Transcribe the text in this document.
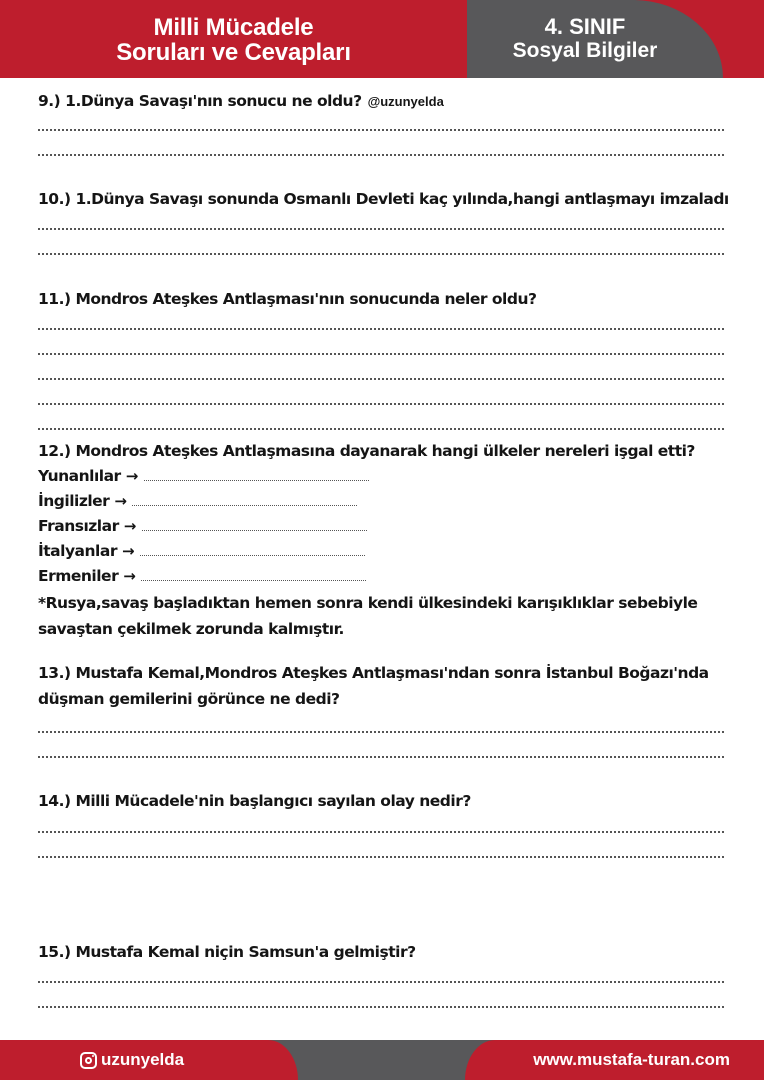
Milli Mücadele
Soruları ve Cevapları
4. SINIF
Sosyal Bilgiler
9.) 1.Dünya Savaşı'nın sonucu ne oldu? @uzunyelda
10.) 1.Dünya Savaşı sonunda Osmanlı Devleti kaç yılında,hangi antlaşmayı imzaladı
11.) Mondros Ateşkes Antlaşması'nın sonucunda neler oldu?
12.) Mondros Ateşkes Antlaşmasına dayanarak hangi ülkeler nereleri işgal etti?
Yunanlılar →
İngilizler →
Fransızlar →
İtalyanlar →
Ermeniler →
*Rusya,savaş başladıktan hemen sonra kendi ülkesindeki karışıklıklar sebebiyle savaştan çekilmek zorunda kalmıştır.
13.) Mustafa Kemal,Mondros Ateşkes Antlaşması'ndan sonra İstanbul Boğazı'nda
düşman gemilerini görünce ne dedi?
14.) Milli Mücadele'nin başlangıcı sayılan olay nedir?
15.) Mustafa Kemal niçin Samsun'a gelmiştir?
uzunyelda	www.mustafa-turan.com
